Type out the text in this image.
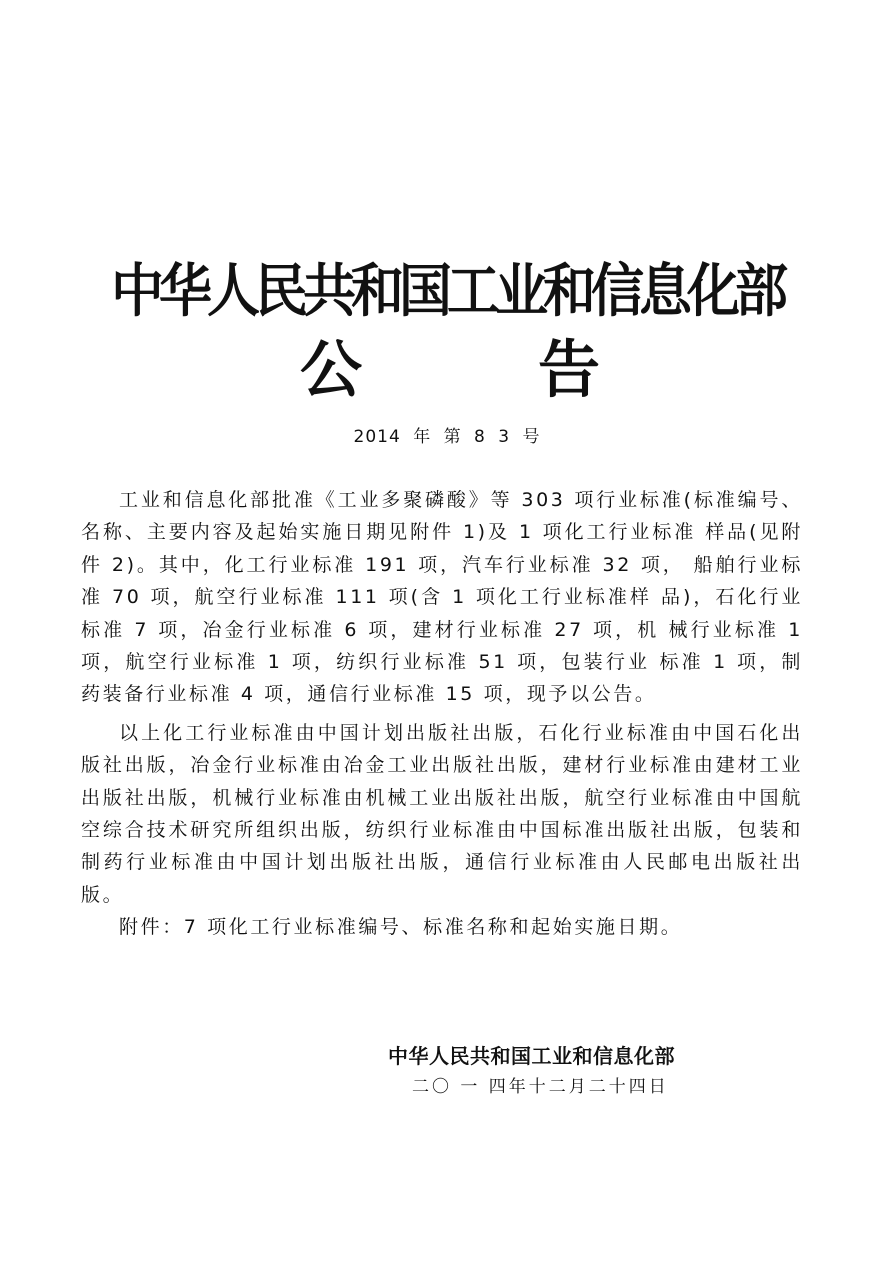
中华人民共和国工业和信息化部
公	告
2014 年 第 8 3 号

工业和信息化部批准《工业多聚磷酸》等 303 项行业标准(标准编号、名称、主要内容及起始实施日期见附件 1)及 1 项化工行业标准 样品(见附件 2)。其中，化工行业标准 191 项，汽车行业标准 32 项， 船舶行业标准 70 项，航空行业标准 111 项(含 1 项化工行业标准样 品)，石化行业标准 7 项，冶金行业标准 6 项，建材行业标准 27 项，机 械行业标准 1 项，航空行业标准 1 项，纺织行业标准 51 项，包装行业 标准 1 项，制药装备行业标准 4 项，通信行业标准 15 项，现予以公告。

以上化工行业标准由中国计划出版社出版，石化行业标准由中国石化出版社出版，冶金行业标准由冶金工业出版社出版，建材行业标准由建材工业出版社出版，机械行业标准由机械工业出版社出版，航空行业标准由中国航空综合技术研究所组织出版，纺织行业标准由中国标准出版社出版，包装和制药行业标准由中国计划出版社出版，通信行业标准由人民邮电出版社出版。

附件：7 项化工行业标准编号、标准名称和起始实施日期。

中华人民共和国工业和信息化部
二〇 一 四年十二月二十四日
